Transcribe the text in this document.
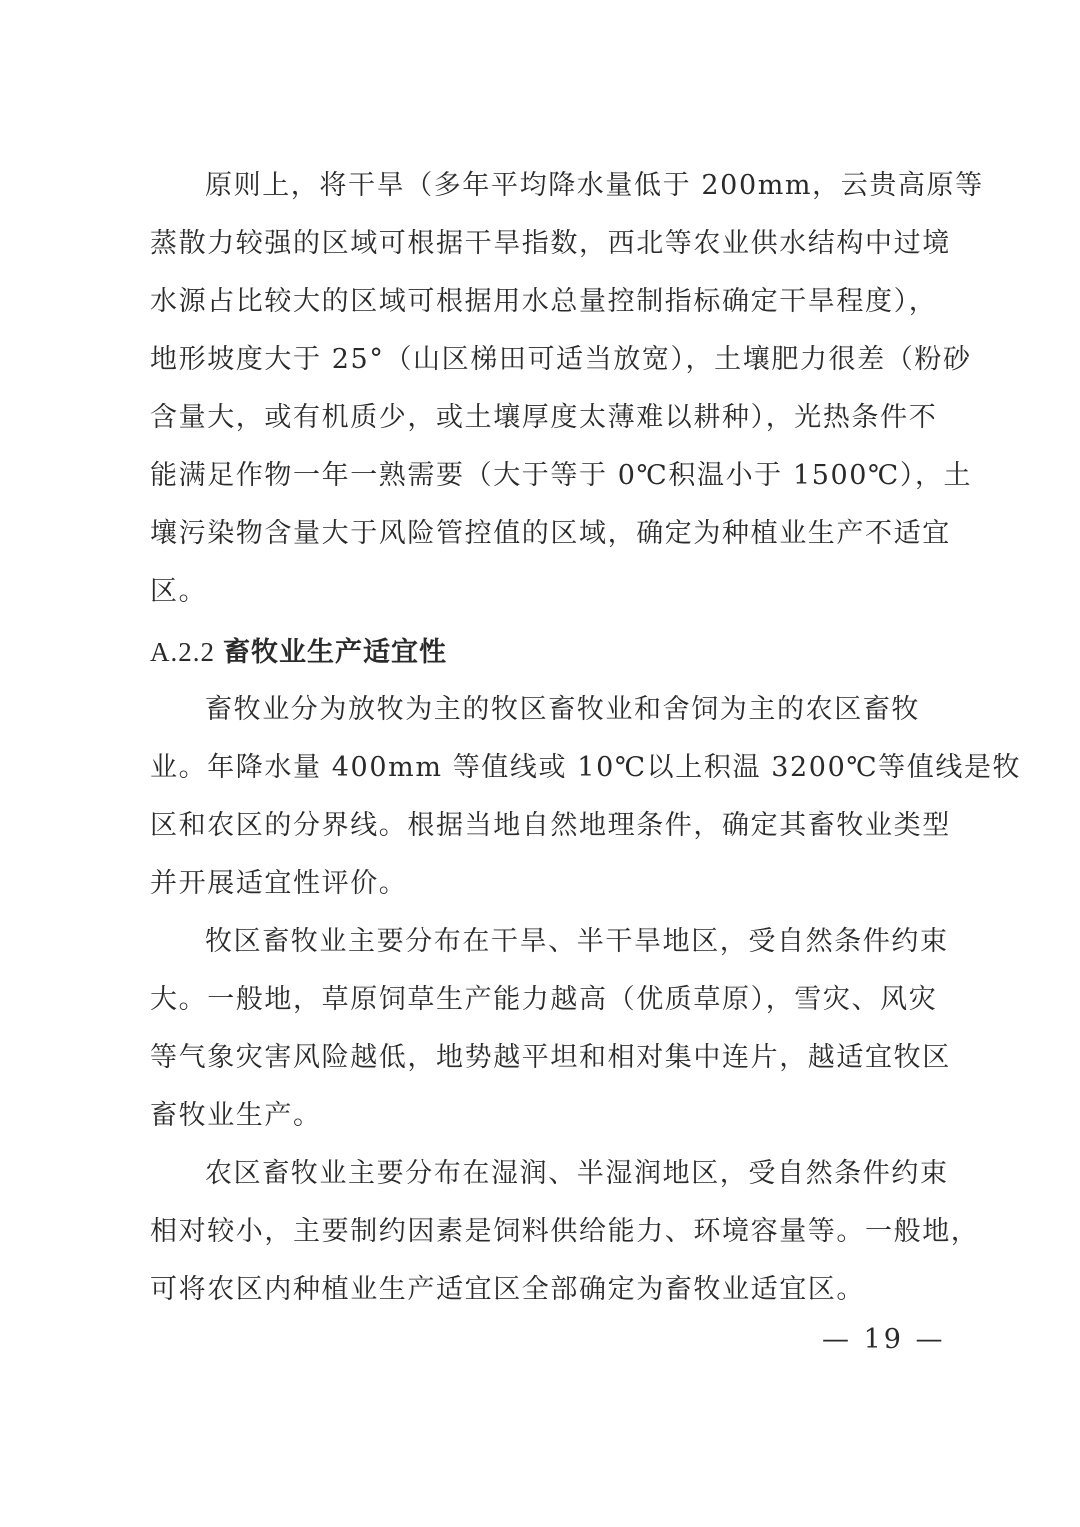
原则上，将干旱（多年平均降水量低于 200mm，云贵高原等
蒸散力较强的区域可根据干旱指数，西北等农业供水结构中过境
水源占比较大的区域可根据用水总量控制指标确定干旱程度），
地形坡度大于 25°（山区梯田可适当放宽），土壤肥力很差（粉砂
含量大，或有机质少，或土壤厚度太薄难以耕种），光热条件不
能满足作物一年一熟需要（大于等于 0℃积温小于 1500℃），土
壤污染物含量大于风险管控值的区域，确定为种植业生产不适宜
区。
A.2.2 畜牧业生产适宜性
畜牧业分为放牧为主的牧区畜牧业和舍饲为主的农区畜牧
业。年降水量 400mm 等值线或 10℃以上积温 3200℃等值线是牧
区和农区的分界线。根据当地自然地理条件，确定其畜牧业类型
并开展适宜性评价。
牧区畜牧业主要分布在干旱、半干旱地区，受自然条件约束
大。一般地，草原饲草生产能力越高（优质草原），雪灾、风灾
等气象灾害风险越低，地势越平坦和相对集中连片，越适宜牧区
畜牧业生产。
农区畜牧业主要分布在湿润、半湿润地区，受自然条件约束
相对较小，主要制约因素是饲料供给能力、环境容量等。一般地，
可将农区内种植业生产适宜区全部确定为畜牧业适宜区。
— 19 —
